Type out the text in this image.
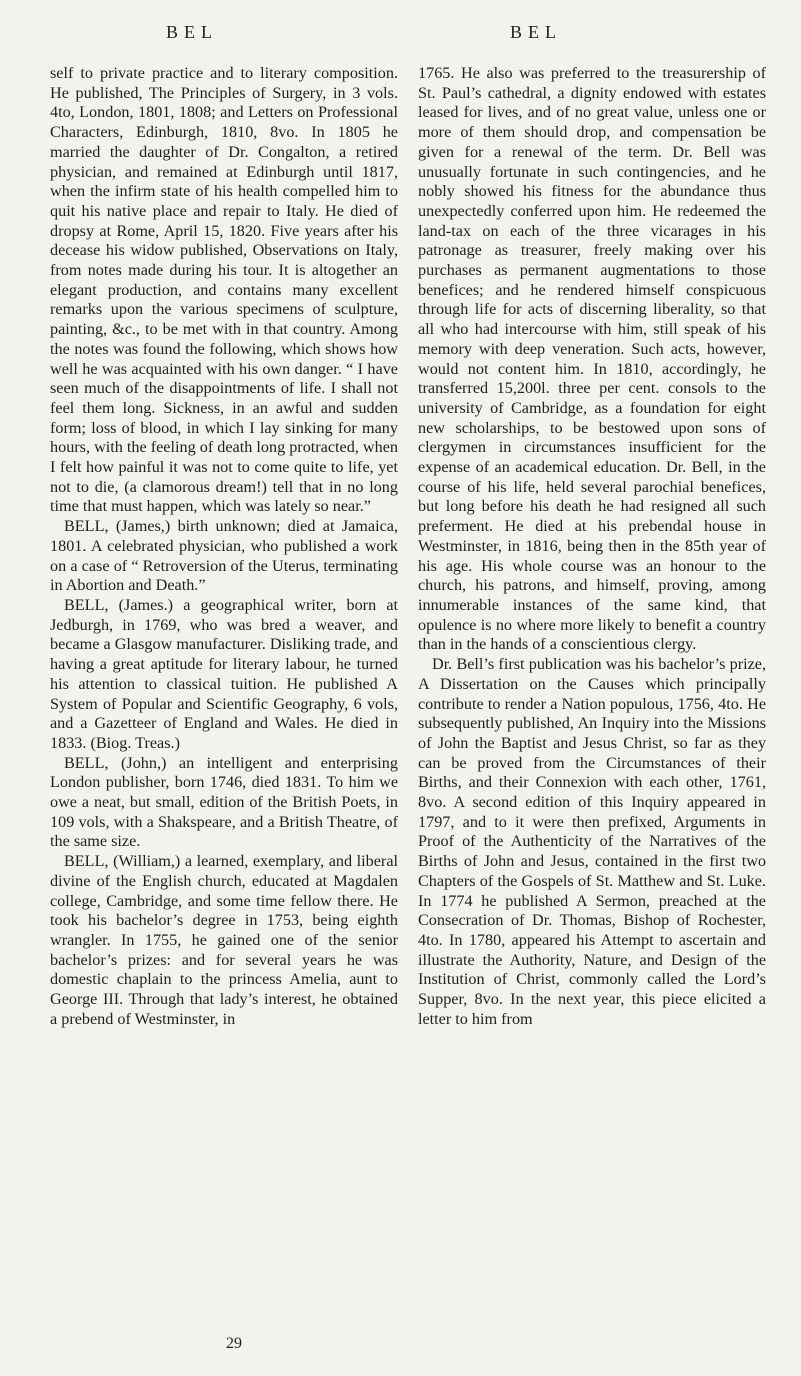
BEL	BEL

self to private practice and to literary composition. He published, The Principles of Surgery, in 3 vols. 4to, London, 1801, 1808; and Letters on Professional Characters, Edinburgh, 1810, 8vo. In 1805 he married the daughter of Dr. Congalton, a retired physician, and remained at Edinburgh until 1817, when the infirm state of his health compelled him to quit his native place and repair to Italy. He died of dropsy at Rome, April 15, 1820. Five years after his decease his widow published, Observations on Italy, from notes made during his tour. It is altogether an elegant production, and contains many excellent remarks upon the various specimens of sculpture, painting, &c., to be met with in that country. Among the notes was found the following, which shows how well he was acquainted with his own danger. “ I have seen much of the disappointments of life. I shall not feel them long. Sickness, in an awful and sudden form; loss of blood, in which I lay sinking for many hours, with the feeling of death long protracted, when I felt how painful it was not to come quite to life, yet not to die, (a clamorous dream!) tell that in no long time that must happen, which was lately so near.”

BELL, (James,) birth unknown; died at Jamaica, 1801. A celebrated physician, who published a work on a case of “ Retroversion of the Uterus, terminating in Abortion and Death.”

BELL, (James.) a geographical writer, born at Jedburgh, in 1769, who was bred a weaver, and became a Glasgow manufacturer. Disliking trade, and having a great aptitude for literary labour, he turned his attention to classical tuition. He published A System of Popular and Scientific Geography, 6 vols, and a Gazetteer of England and Wales. He died in 1833. (Biog. Treas.)

BELL, (John,) an intelligent and enterprising London publisher, born 1746, died 1831. To him we owe a neat, but small, edition of the British Poets, in 109 vols, with a Shakspeare, and a British Theatre, of the same size.

BELL, (William,) a learned, exemplary, and liberal divine of the English church, educated at Magdalen college, Cambridge, and some time fellow there. He took his bachelor’s degree in 1753, being eighth wrangler. In 1755, he gained one of the senior bachelor’s prizes: and for several years he was domestic chaplain to the princess Amelia, aunt to George III. Through that lady’s interest, he obtained a prebend of Westminster, in

1765. He also was preferred to the treasurership of St. Paul’s cathedral, a dignity endowed with estates leased for lives, and of no great value, unless one or more of them should drop, and compensation be given for a renewal of the term. Dr. Bell was unusually fortunate in such contingencies, and he nobly showed his fitness for the abundance thus unexpectedly conferred upon him. He redeemed the land-tax on each of the three vicarages in his patronage as treasurer, freely making over his purchases as permanent augmentations to those benefices; and he rendered himself conspicuous through life for acts of discerning liberality, so that all who had intercourse with him, still speak of his memory with deep veneration. Such acts, however, would not content him. In 1810, accordingly, he transferred 15,200l. three per cent. consols to the university of Cambridge, as a foundation for eight new scholarships, to be bestowed upon sons of clergymen in circumstances insufficient for the expense of an academical education. Dr. Bell, in the course of his life, held several parochial benefices, but long before his death he had resigned all such preferment. He died at his prebendal house in Westminster, in 1816, being then in the 85th year of his age. His whole course was an honour to the church, his patrons, and himself, proving, among innumerable instances of the same kind, that opulence is no where more likely to benefit a country than in the hands of a conscientious clergy.

Dr. Bell’s first publication was his bachelor’s prize, A Dissertation on the Causes which principally contribute to render a Nation populous, 1756, 4to. He subsequently published, An Inquiry into the Missions of John the Baptist and Jesus Christ, so far as they can be proved from the Circumstances of their Births, and their Connexion with each other, 1761, 8vo. A second edition of this Inquiry appeared in 1797, and to it were then prefixed, Arguments in Proof of the Authenticity of the Narratives of the Births of John and Jesus, contained in the first two Chapters of the Gospels of St. Matthew and St. Luke. In 1774 he published A Sermon, preached at the Consecration of Dr. Thomas, Bishop of Rochester, 4to. In 1780, appeared his Attempt to ascertain and illustrate the Authority, Nature, and Design of the Institution of Christ, commonly called the Lord’s Supper, 8vo. In the next year, this piece elicited a letter to him from

29
